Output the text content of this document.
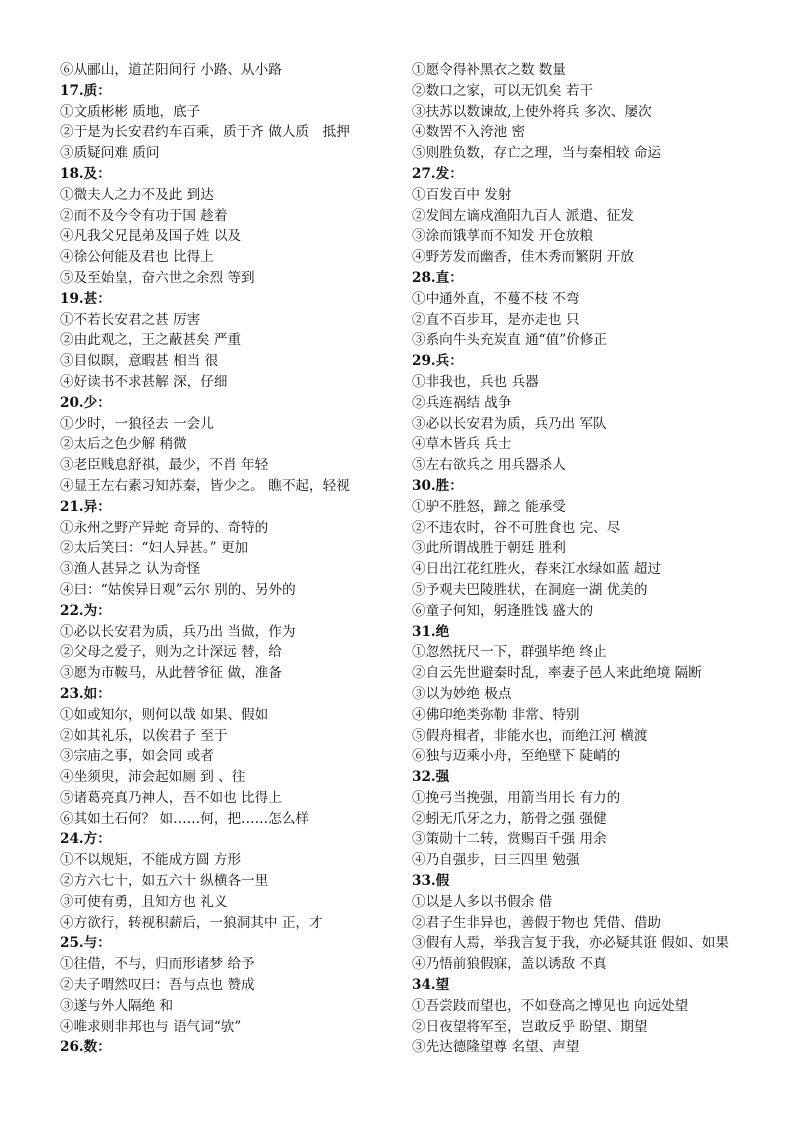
⑥从郦山，道芷阳间行 小路、从小路
17.质：
①文质彬彬 质地，底子
②于是为长安君约车百乘，质于齐 做人质　抵押
③质疑问难 质问
18.及：
①微夫人之力不及此 到达
②而不及今令有功于国 趁着
④凡我父兄昆弟及国子姓 以及
④徐公何能及君也 比得上
⑤及至始皇，奋六世之余烈 等到
19.甚：
①不若长安君之甚 厉害
②由此观之，王之蔽甚矣 严重
③目似瞑，意暇甚 相当 很
④好读书不求甚解 深，仔细
20.少：
①少时，一狼径去 一会儿
②太后之色少解 稍微
③老臣贱息舒祺，最少，不肖 年轻
④显王左右素习知苏秦，皆少之。 瞧不起，轻视
21.异：
①永州之野产异蛇 奇异的、奇特的
②太后笑曰：“妇人异甚。” 更加
③渔人甚异之 认为奇怪
④曰：“姑俟异日观”云尔 别的、另外的
22.为：
①必以长安君为质，兵乃出 当做，作为
②父母之爱子，则为之计深远 替，给
③愿为市鞍马，从此替爷征 做，准备
23.如：
①如或知尔，则何以哉 如果、假如
②如其礼乐，以俟君子 至于
③宗庙之事，如会同 或者
④坐须臾，沛会起如厕 到 、往
⑤诸葛亮真乃神人，吾不如也 比得上
⑥其如土石何？ 如……何，把……怎么样
24.方：
①不以规矩，不能成方圆 方形
②方六七十，如五六十 纵横各一里
③可使有勇，且知方也 礼义
④方欲行，转视积薪后，一狼洞其中 正，才
25.与：
①往借，不与，归而形诸梦 给予
②夫子喟然叹曰：吾与点也 赞成
③遂与外人隔绝 和
④唯求则非邦也与 语气词“欤”
26.数：
①愿令得补黑衣之数 数量
②数口之家，可以无饥矣 若干
③扶苏以数谏故,上使外将兵 多次、屡次
④数罟不入洿池 密
⑤则胜负数，存亡之理，当与秦相较 命运
27.发：
①百发百中 发射
②发闾左谪戍渔阳九百人 派遣、征发
③涂而饿莩而不知发 开仓放粮
④野芳发而幽香，佳木秀而繁阴 开放
28.直：
①中通外直，不蔓不枝 不弯
②直不百步耳，是亦走也 只
③系向牛头充炭直 通“值”价修正
29.兵：
①非我也，兵也 兵器
②兵连祸结 战争
③必以长安君为质，兵乃出 军队
④草木皆兵 兵士
⑤左右欲兵之 用兵器杀人
30.胜：
①驴不胜怒，蹄之 能承受
②不违农时，谷不可胜食也 完、尽
③此所谓战胜于朝廷 胜利
④日出江花红胜火，春来江水绿如蓝 超过
⑤予观夫巴陵胜状，在洞庭一湖 优美的
⑥童子何知，躬逢胜饯 盛大的
31.绝
①忽然抚尺一下，群强毕绝 终止
②自云先世避秦时乱，率妻子邑人来此绝境 隔断
③以为妙绝 极点
④佛印绝类弥勒 非常、特别
⑤假舟楫者，非能水也，而绝江河 横渡
⑥独与迈乘小舟，至绝壁下 陡峭的
32.强
①挽弓当挽强，用箭当用长 有力的
②蚓无爪牙之力，筋骨之强 强健
③策勋十二转，赏赐百千强 用余
④乃自强步，曰三四里 勉强
33.假
①以是人多以书假余 借
②君子生非异也，善假于物也 凭借、借助
③假有人焉，举我言复于我，亦必疑其诳 假如、如果
④乃悟前狼假寐，盖以诱敌 不真
34.望
①吾尝跂而望也，不如登高之博见也 向远处望
②日夜望将军至，岂敢反乎 盼望、期望
③先达德隆望尊 名望、声望
